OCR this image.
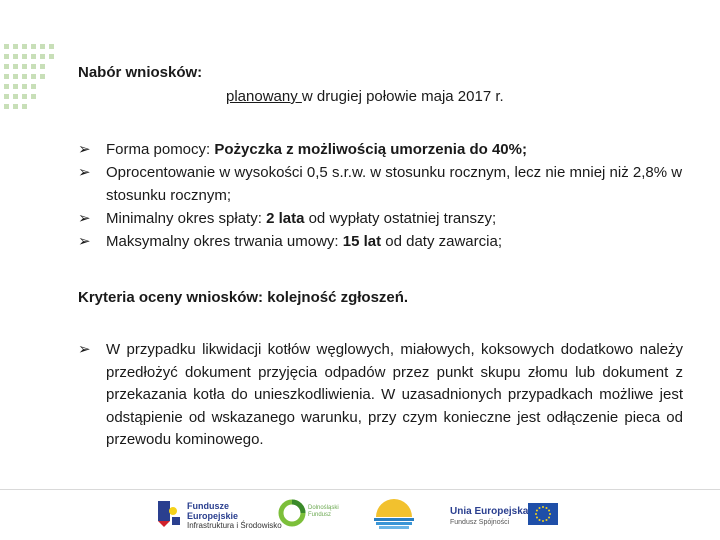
Nabór wniosków:
planowany w drugiej połowie maja 2017 r.
➢ Forma pomocy: Pożyczka z możliwością umorzenia do 40%;
➢ Oprocentowanie w wysokości 0,5 s.r.w. w stosunku rocznym, lecz nie mniej niż 2,8% w stosunku rocznym;
➢ Minimalny okres spłaty: 2 lata od wypłaty ostatniej transzy;
➢ Maksymalny okres trwania umowy: 15 lat od daty zawarcia;
Kryteria oceny wniosków: kolejność zgłoszeń.
➢ W przypadku likwidacji kotłów węglowych, miałowych, koksowych dodatkowo należy przedłożyć dokument przyjęcia odpadów przez punkt skupu złomu lub dokument z przekazania kotła do unieszkodliwienia. W uzasadnionych przypadkach możliwe jest odstąpienie od wskazanego warunku, przy czym konieczne jest odłączenie pieca od przewodu kominowego.
Fundusze
Europejskie
Infrastruktura i Środowisko
Dolnośląski
Fundusz	Unia Europejska
Fundusz Spójności
